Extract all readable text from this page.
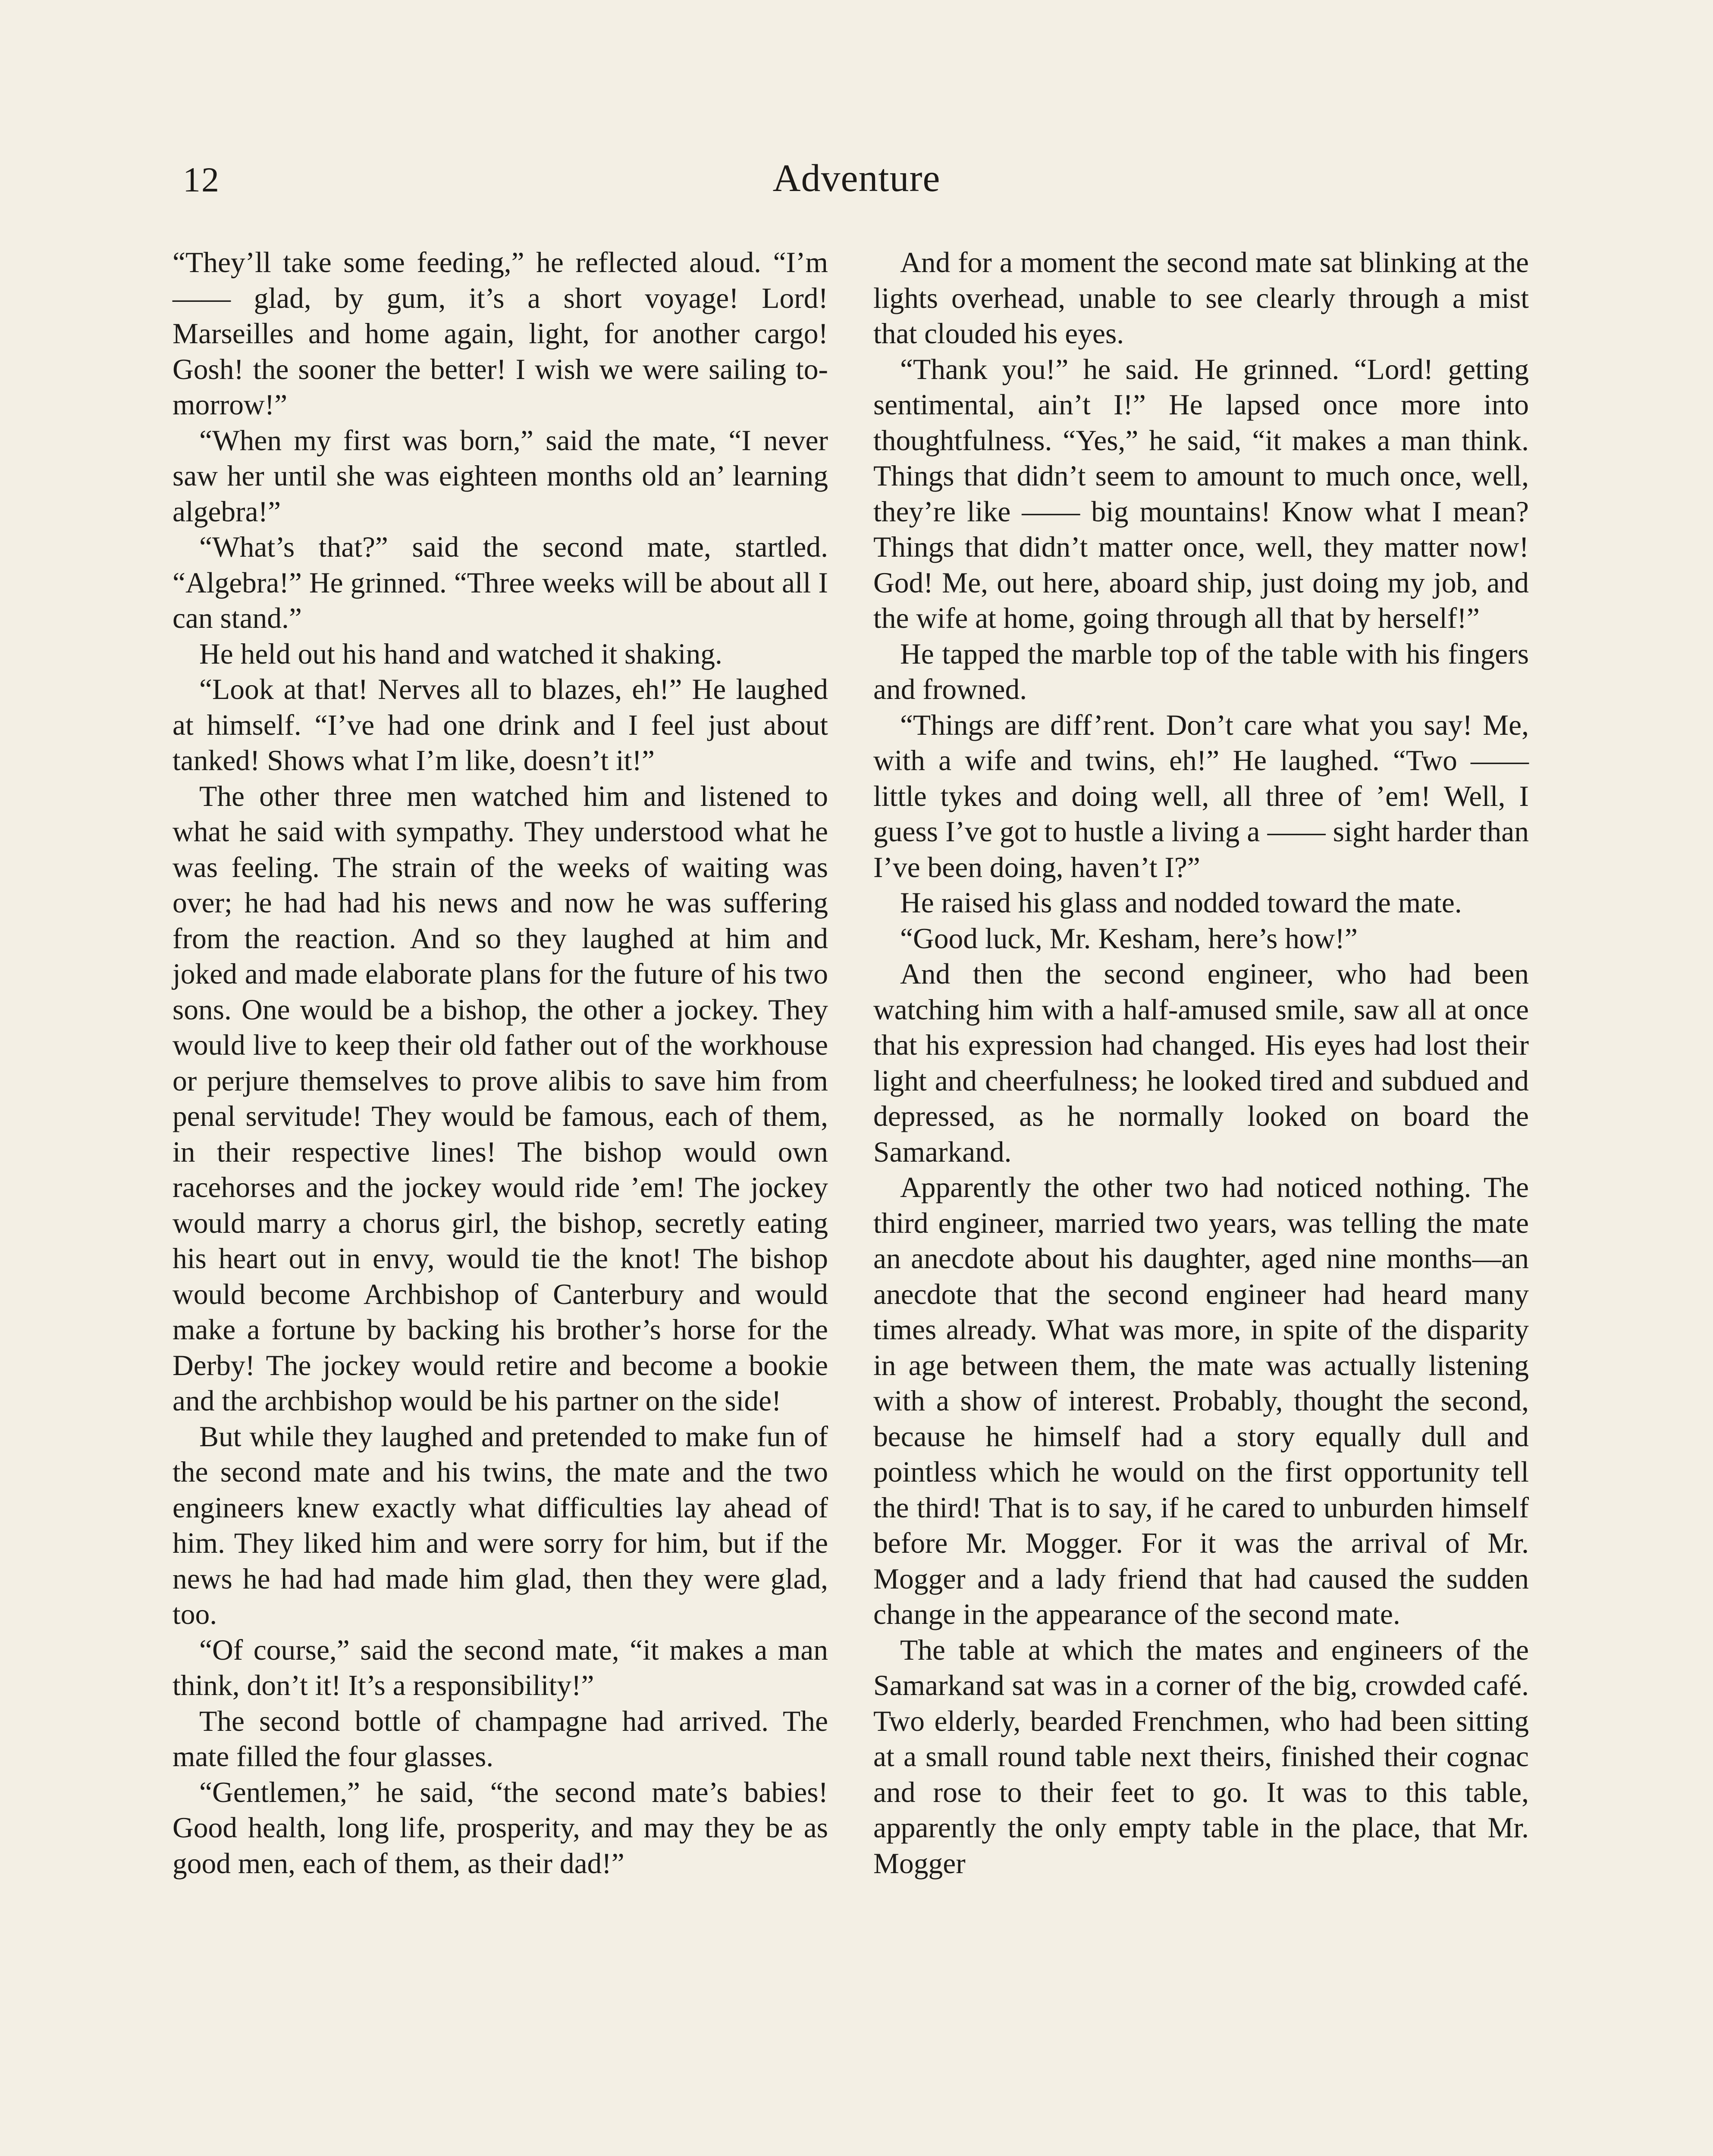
12	Adventure

“They’ll take some feeding,” he reflected aloud. “I’m —— glad, by gum, it’s a short voyage! Lord! Marseilles and home again, light, for another cargo! Gosh! the sooner the better! I wish we were sailing to-morrow!”

“When my first was born,” said the mate, “I never saw her until she was eighteen months old an’ learning algebra!”

“What’s that?” said the second mate, startled. “Algebra!” He grinned. “Three weeks will be about all I can stand.”

He held out his hand and watched it shaking.

“Look at that! Nerves all to blazes, eh!” He laughed at himself. “I’ve had one drink and I feel just about tanked! Shows what I’m like, doesn’t it!”

The other three men watched him and listened to what he said with sympathy. They understood what he was feeling. The strain of the weeks of waiting was over; he had had his news and now he was suffering from the reaction. And so they laughed at him and joked and made elaborate plans for the future of his two sons. One would be a bishop, the other a jockey. They would live to keep their old father out of the workhouse or perjure themselves to prove alibis to save him from penal servitude! They would be famous, each of them, in their respective lines! The bishop would own racehorses and the jockey would ride ’em! The jockey would marry a chorus girl, the bishop, secretly eating his heart out in envy, would tie the knot! The bishop would become Archbishop of Canterbury and would make a fortune by backing his brother’s horse for the Derby! The jockey would retire and become a bookie and the archbishop would be his partner on the side!

But while they laughed and pretended to make fun of the second mate and his twins, the mate and the two engineers knew exactly what difficulties lay ahead of him. They liked him and were sorry for him, but if the news he had had made him glad, then they were glad, too.

“Of course,” said the second mate, “it makes a man think, don’t it! It’s a responsibility!”

The second bottle of champagne had arrived. The mate filled the four glasses.

“Gentlemen,” he said, “the second mate’s babies! Good health, long life, prosperity, and may they be as good men, each of them, as their dad!”

And for a moment the second mate sat blinking at the lights overhead, unable to see clearly through a mist that clouded his eyes.

“Thank you!” he said. He grinned. “Lord! getting sentimental, ain’t I!” He lapsed once more into thoughtfulness. “Yes,” he said, “it makes a man think. Things that didn’t seem to amount to much once, well, they’re like —— big mountains! Know what I mean? Things that didn’t matter once, well, they matter now! God! Me, out here, aboard ship, just doing my job, and the wife at home, going through all that by herself!”

He tapped the marble top of the table with his fingers and frowned.

“Things are diff’rent. Don’t care what you say! Me, with a wife and twins, eh!” He laughed. “Two —— little tykes and doing well, all three of ’em! Well, I guess I’ve got to hustle a living a —— sight harder than I’ve been doing, haven’t I?”

He raised his glass and nodded toward the mate.

“Good luck, Mr. Kesham, here’s how!”

And then the second engineer, who had been watching him with a half-amused smile, saw all at once that his expression had changed. His eyes had lost their light and cheerfulness; he looked tired and subdued and depressed, as he normally looked on board the Samarkand.

Apparently the other two had noticed nothing. The third engineer, married two years, was telling the mate an anecdote about his daughter, aged nine months—an anecdote that the second engineer had heard many times already. What was more, in spite of the disparity in age between them, the mate was actually listening with a show of interest. Probably, thought the second, because he himself had a story equally dull and pointless which he would on the first opportunity tell the third! That is to say, if he cared to unburden himself before Mr. Mogger. For it was the arrival of Mr. Mogger and a lady friend that had caused the sudden change in the appearance of the second mate.

The table at which the mates and engineers of the Samarkand sat was in a corner of the big, crowded café. Two elderly, bearded Frenchmen, who had been sitting at a small round table next theirs, finished their cognac and rose to their feet to go. It was to this table, apparently the only empty table in the place, that Mr. Mogger
